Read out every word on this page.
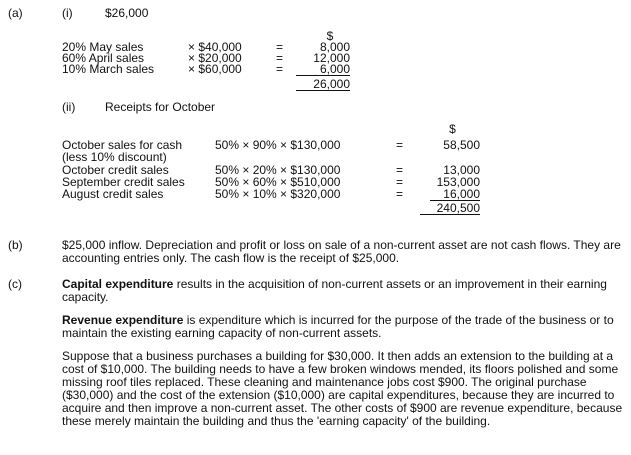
(a)	(i)	$26,000
$
20% May sales	× $40,000	=	8,000
60% April sales	× $20,000	=	12,000
10% March sales	× $60,000	=	6,000
26,000
(ii) Receipts for October
$
October sales for cash	50% × 90% × $130,000	=	58,500
(less 10% discount)
October credit sales	50% × 20% × $130,000	=	13,000
September credit sales	50% × 60% × $510,000	=	153,000
August credit sales	50% × 10% × $320,000	=	16,000
240,500
(b)	$25,000 inflow. Depreciation and profit or loss on sale of a non-current asset are not cash flows. They are accounting entries only. The cash flow is the receipt of $25,000.
(c)	Capital expenditure results in the acquisition of non-current assets or an improvement in their earning capacity.
Revenue expenditure is expenditure which is incurred for the purpose of the trade of the business or to maintain the existing earning capacity of non-current assets.
Suppose that a business purchases a building for $30,000. It then adds an extension to the building at a cost of $10,000. The building needs to have a few broken windows mended, its floors polished and some missing roof tiles replaced. These cleaning and maintenance jobs cost $900. The original purchase ($30,000) and the cost of the extension ($10,000) are capital expenditures, because they are incurred to acquire and then improve a non-current asset. The other costs of $900 are revenue expenditure, because these merely maintain the building and thus the 'earning capacity' of the building.
